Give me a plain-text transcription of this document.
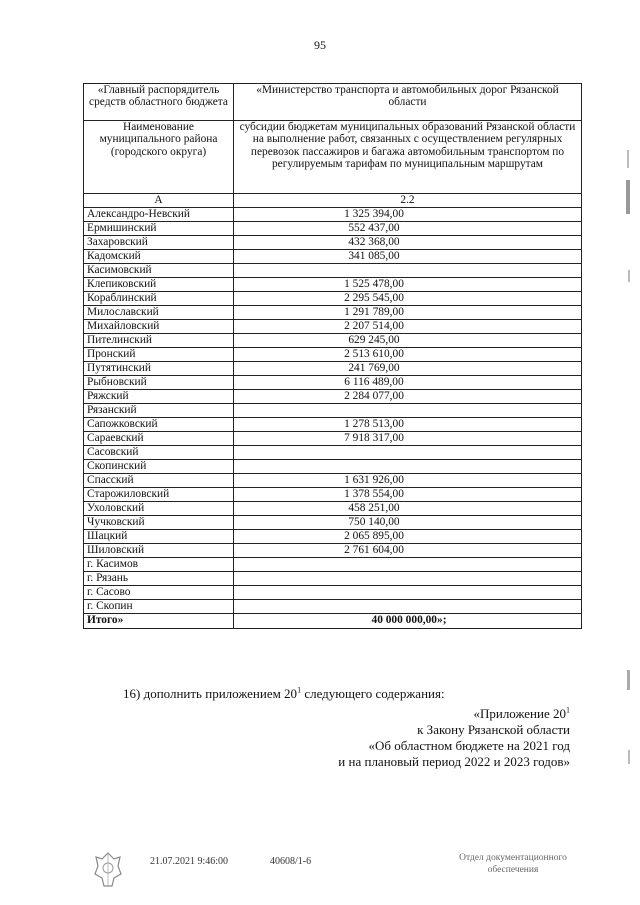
95
«Главный распорядитель средств областного бюджета	«Министерство транспорта и автомобильных дорог Рязанской области
Наименование муниципального района (городского округа)	субсидии бюджетам муниципальных образований Рязанской области на выполнение работ, связанных с осуществлением регулярных перевозок пассажиров и багажа автомобильным транспортом по регулируемым тарифам по муниципальным маршрутам
А	2.2
Александро-Невский	1 325 394,00
Ермишинский	552 437,00
Захаровский	432 368,00
Кадомский	341 085,00
Касимовский	
Клепиковский	1 525 478,00
Кораблинский	2 295 545,00
Милославский	1 291 789,00
Михайловский	2 207 514,00
Пителинский	629 245,00
Пронский	2 513 610,00
Путятинский	241 769,00
Рыбновский	6 116 489,00
Ряжский	2 284 077,00
Рязанский	
Сапожковский	1 278 513,00
Сараевский	7 918 317,00
Сасовский	
Скопинский	
Спасский	1 631 926,00
Старожиловский	1 378 554,00
Ухоловский	458 251,00
Чучковский	750 140,00
Шацкий	2 065 895,00
Шиловский	2 761 604,00
г. Касимов	
г. Рязань	
г. Сасово	
г. Скопин	
Итого»	40 000 000,00»;
16) дополнить приложением $20^1$ следующего содержания:
«Приложение $20^1$
к Закону Рязанской области
«Об областном бюджете на 2021 год
и на плановый период 2022 и 2023 годов»
21.07.2021 9:46:00	40608/1-6	Отдел документационного обеспечения
